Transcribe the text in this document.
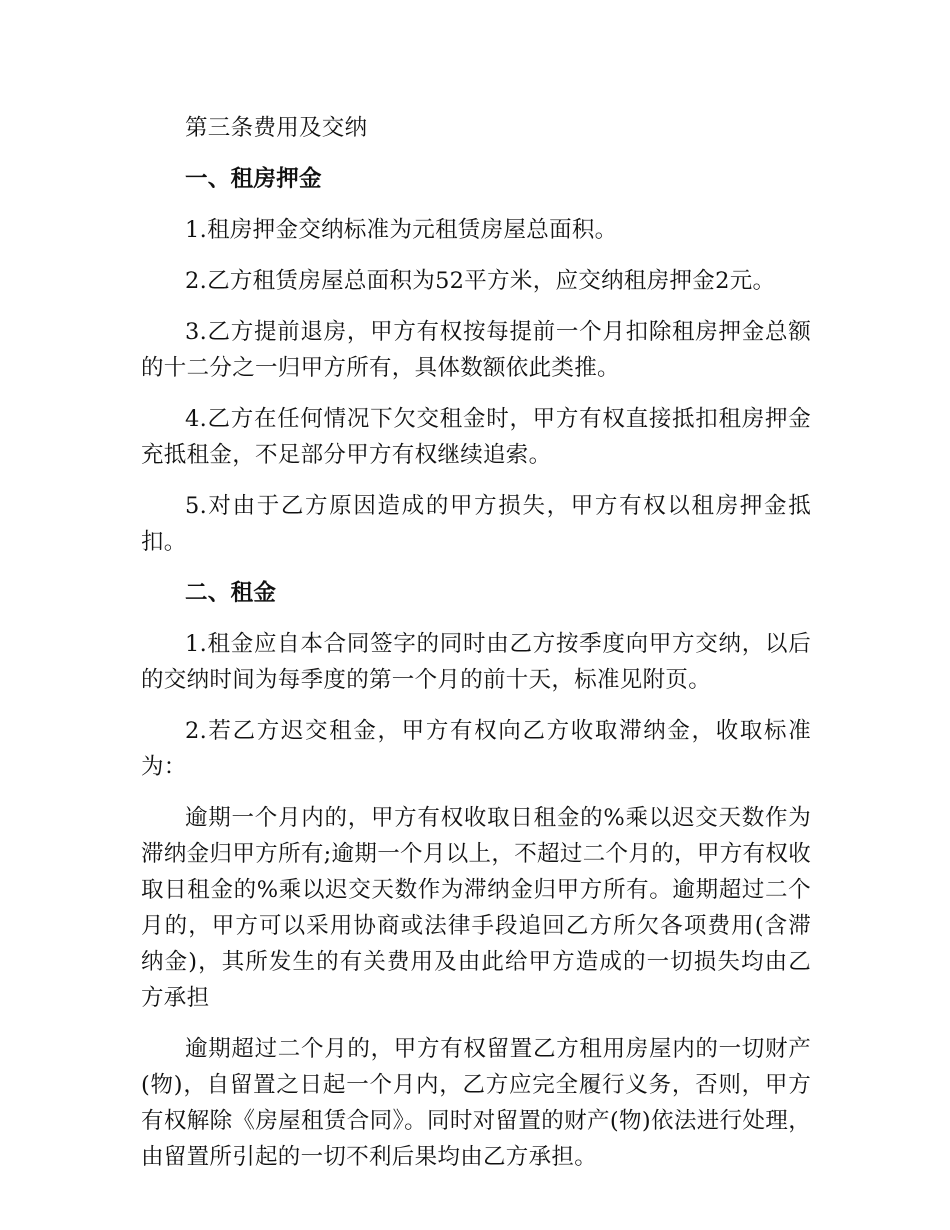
第三条费用及交纳

一、租房押金

1.租房押金交纳标准为元租赁房屋总面积。

2.乙方租赁房屋总面积为52平方米，应交纳租房押金2元。

3.乙方提前退房，甲方有权按每提前一个月扣除租房押金总额的十二分之一归甲方所有，具体数额依此类推。

4.乙方在任何情况下欠交租金时，甲方有权直接抵扣租房押金充抵租金，不足部分甲方有权继续追索。

5.对由于乙方原因造成的甲方损失，甲方有权以租房押金抵扣。

二、租金

1.租金应自本合同签字的同时由乙方按季度向甲方交纳，以后的交纳时间为每季度的第一个月的前十天，标准见附页。

2.若乙方迟交租金，甲方有权向乙方收取滞纳金，收取标准为：

逾期一个月内的，甲方有权收取日租金的%乘以迟交天数作为滞纳金归甲方所有;逾期一个月以上，不超过二个月的，甲方有权收取日租金的%乘以迟交天数作为滞纳金归甲方所有。逾期超过二个月的，甲方可以采用协商或法律手段追回乙方所欠各项费用(含滞纳金)，其所发生的有关费用及由此给甲方造成的一切损失均由乙方承担

逾期超过二个月的，甲方有权留置乙方租用房屋内的一切财产(物)，自留置之日起一个月内，乙方应完全履行义务，否则，甲方有权解除《房屋租赁合同》。同时对留置的财产(物)依法进行处理，由留置所引起的一切不利后果均由乙方承担。
